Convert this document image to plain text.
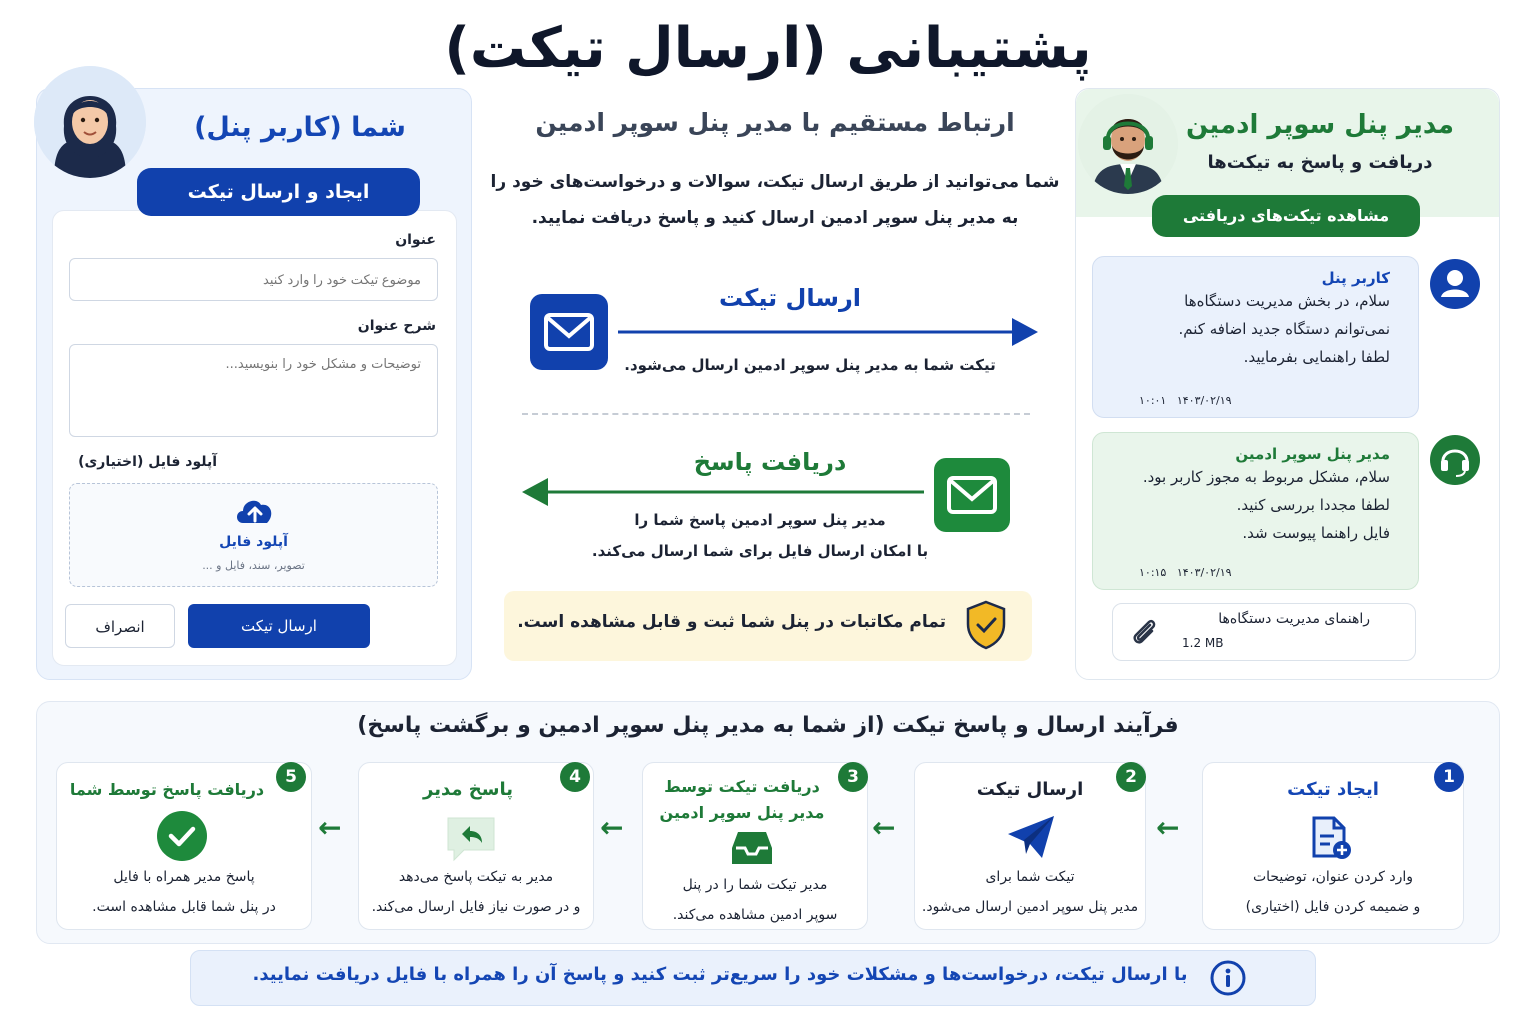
پشتیبانی (ارسال تیکت)
شما (کاربر پنل)
ایجاد و ارسال تیکت
عنوان
موضوع تیکت خود را وارد کنید
شرح عنوان
توضیحات و مشکل خود را بنویسید...
آپلود فایل (اختیاری)
آپلود فایل
تصویر، سند، فایل و ...
ارسال تیکت
انصراف
ارتباط مستقیم با مدیر پنل سوپر ادمین
شما می‌توانید از طریق ارسال تیکت، سوالات و درخواست‌های خود را
به مدیر پنل سوپر ادمین ارسال کنید و پاسخ دریافت نمایید.
ارسال تیکت
تیکت شما به مدیر پنل سوپر ادمین ارسال می‌شود.
دریافت پاسخ
مدیر پنل سوپر ادمین پاسخ شما را
با امکان ارسال فایل برای شما ارسال می‌کند.
تمام مکاتبات در پنل شما ثبت و قابل مشاهده است.
مدیر پنل سوپر ادمین
دریافت و پاسخ به تیکت‌ها
مشاهده تیکت‌های دریافتی
کاربر پنل
سلام، در بخش مدیریت دستگاه‌ها
نمی‌توانم دستگاه جدید اضافه کنم.
لطفا راهنمایی بفرمایید.
۱۰:۰۱ ۱۴۰۳/۰۲/۱۹
مدیر پنل سوپر ادمین
سلام، مشکل مربوط به مجوز کاربر بود.
لطفا مجددا بررسی کنید.
فایل راهنما پیوست شد.
۱۰:۱۵ ۱۴۰۳/۰۲/۱۹
راهنمای مدیریت دستگاه‌ها
1.2 MB
فرآیند ارسال و پاسخ تیکت (از شما به مدیر پنل سوپر ادمین و برگشت پاسخ)
1
ایجاد تیکت
وارد کردن عنوان، توضیحات
و ضمیمه کردن فایل (اختیاری)
←
2
ارسال تیکت
تیکت شما برای
مدیر پنل سوپر ادمین ارسال می‌شود.
←
3
دریافت تیکت توسط
مدیر پنل سوپر ادمین
مدیر تیکت شما را در پنل
سوپر ادمین مشاهده می‌کند.
←
4
پاسخ مدیر
مدیر به تیکت پاسخ می‌دهد
و در صورت نیاز فایل ارسال می‌کند.
←
5
دریافت پاسخ توسط شما
پاسخ مدیر همراه با فایل
در پنل شما قابل مشاهده است.
با ارسال تیکت، درخواست‌ها و مشکلات خود را سریع‌تر ثبت کنید و پاسخ آن را همراه با فایل دریافت نمایید.
